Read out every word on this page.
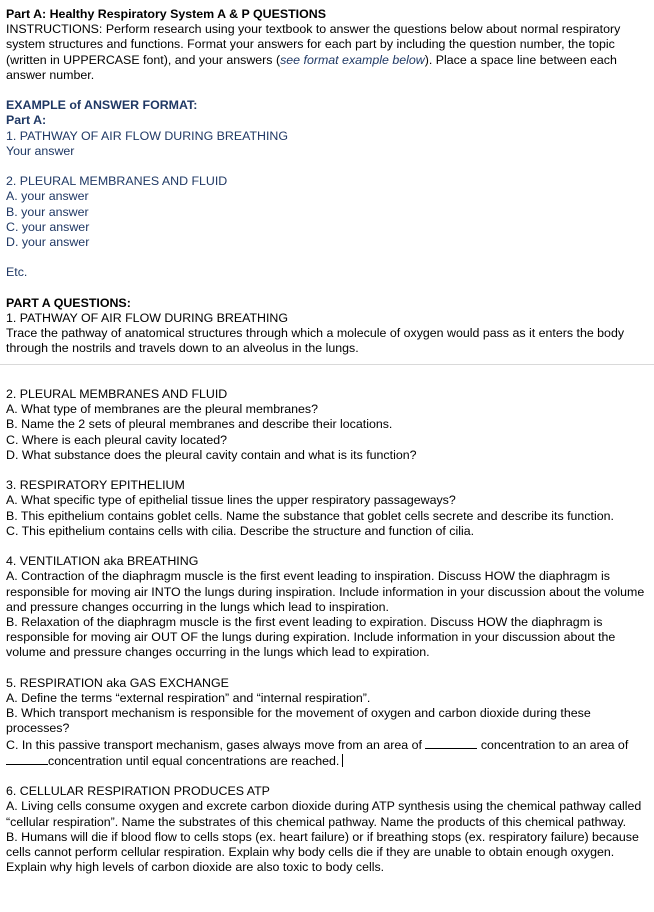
Part A: Healthy Respiratory System A & P QUESTIONS
INSTRUCTIONS: Perform research using your textbook to answer the questions below about normal respiratory system structures and functions. Format your answers for each part by including the question number, the topic (written in UPPERCASE font), and your answers (see format example below). Place a space line between each answer number.
EXAMPLE of ANSWER FORMAT:
Part A:
1. PATHWAY OF AIR FLOW DURING BREATHING
Your answer
2. PLEURAL MEMBRANES AND FLUID
A. your answer
B. your answer
C. your answer
D. your answer
Etc.
PART A QUESTIONS:
1. PATHWAY OF AIR FLOW DURING BREATHING
Trace the pathway of anatomical structures through which a molecule of oxygen would pass as it enters the body through the nostrils and travels down to an alveolus in the lungs.
2. PLEURAL MEMBRANES AND FLUID
A. What type of membranes are the pleural membranes?
B. Name the 2 sets of pleural membranes and describe their locations.
C. Where is each pleural cavity located?
D. What substance does the pleural cavity contain and what is its function?
3. RESPIRATORY EPITHELIUM
A. What specific type of epithelial tissue lines the upper respiratory passageways?
B. This epithelium contains goblet cells. Name the substance that goblet cells secrete and describe its function.
C. This epithelium contains cells with cilia. Describe the structure and function of cilia.
4. VENTILATION aka BREATHING
A. Contraction of the diaphragm muscle is the first event leading to inspiration. Discuss HOW the diaphragm is responsible for moving air INTO the lungs during inspiration. Include information in your discussion about the volume and pressure changes occurring in the lungs which lead to inspiration.
B. Relaxation of the diaphragm muscle is the first event leading to expiration. Discuss HOW the diaphragm is responsible for moving air OUT OF the lungs during expiration. Include information in your discussion about the volume and pressure changes occurring in the lungs which lead to expiration.
5. RESPIRATION aka GAS EXCHANGE
A. Define the terms “external respiration” and “internal respiration”.
B. Which transport mechanism is responsible for the movement of oxygen and carbon dioxide during these processes?
C. In this passive transport mechanism, gases always move from an area of	concentration to an area of concentration until equal concentrations are reached.
6. CELLULAR RESPIRATION PRODUCES ATP
A. Living cells consume oxygen and excrete carbon dioxide during ATP synthesis using the chemical pathway called “cellular respiration”. Name the substrates of this chemical pathway. Name the products of this chemical pathway.
B. Humans will die if blood flow to cells stops (ex. heart failure) or if breathing stops (ex. respiratory failure) because cells cannot perform cellular respiration. Explain why body cells die if they are unable to obtain enough oxygen. Explain why high levels of carbon dioxide are also toxic to body cells.
